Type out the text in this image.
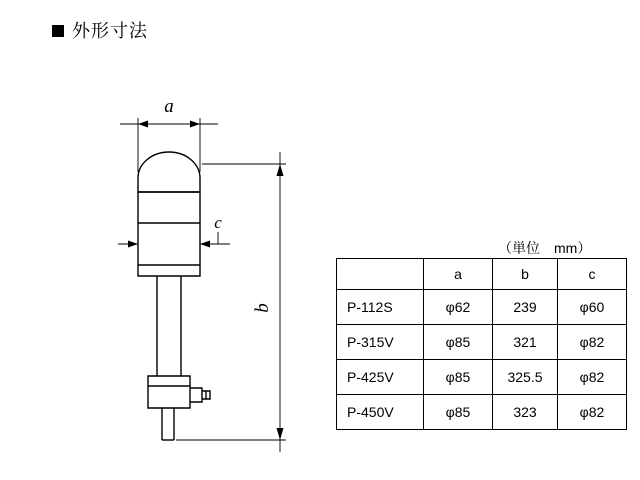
外形寸法
a
b
c
（単位　mm）
	a	b	c
P-112S	φ62	239	φ60
P-315V	φ85	321	φ82
P-425V	φ85	325.5	φ82
P-450V	φ85	323	φ82
